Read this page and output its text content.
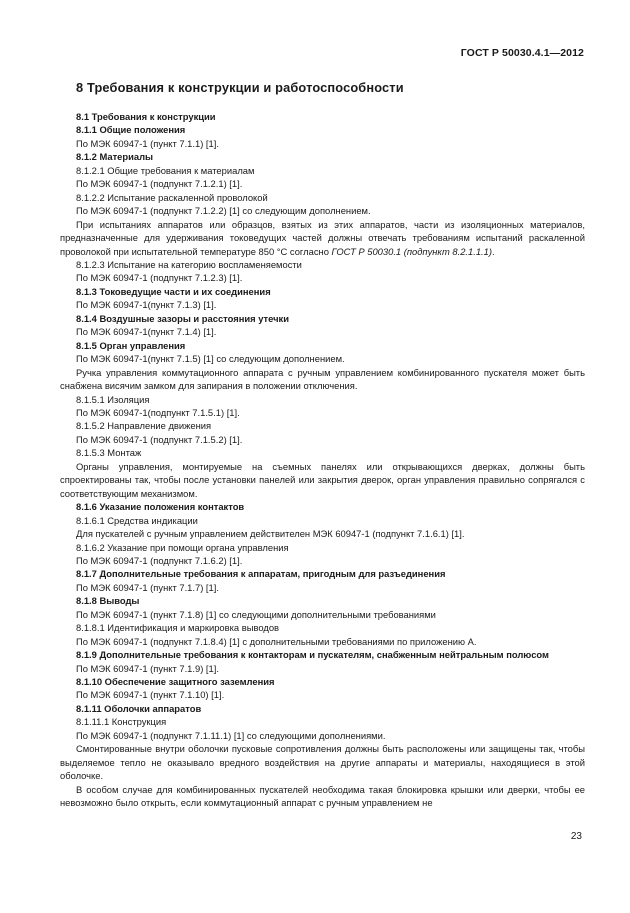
ГОСТ Р 50030.4.1—2012
8 Требования к конструкции и работоспособности

8.1 Требования к конструкции

8.1.1 Общие положения

По МЭК 60947-1 (пункт 7.1.1) [1].

8.1.2 Материалы

8.1.2.1 Общие требования к материалам

По МЭК 60947-1 (подпункт 7.1.2.1) [1].

8.1.2.2 Испытание раскаленной проволокой

По МЭК 60947-1 (подпункт 7.1.2.2) [1] со следующим дополнением.

При испытаниях аппаратов или образцов, взятых из этих аппаратов, части из изоляционных материалов, предназначенные для удерживания токоведущих частей должны отвечать требованиям испытаний раскаленной проволокой при испытательной температуре 850 °С согласно ГОСТ Р 50030.1 (подпункт 8.2.1.1.1).

8.1.2.3 Испытание на категорию воспламеняемости

По МЭК 60947-1 (подпункт 7.1.2.3) [1].

8.1.3 Токоведущие части и их соединения

По МЭК 60947-1(пункт 7.1.3) [1].

8.1.4 Воздушные зазоры и расстояния утечки

По МЭК 60947-1(пункт 7.1.4) [1].

8.1.5 Орган управления

По МЭК 60947-1(пункт 7.1.5) [1] со следующим дополнением.

Ручка управления коммутационного аппарата с ручным управлением комбинированного пускателя может быть снабжена висячим замком для запирания в положении отключения.

8.1.5.1 Изоляция

По МЭК 60947-1(подпункт 7.1.5.1) [1].

8.1.5.2 Направление движения

По МЭК 60947-1 (подпункт 7.1.5.2) [1].

8.1.5.3 Монтаж

Органы управления, монтируемые на съемных панелях или открывающихся дверках, должны быть спроектированы так, чтобы после установки панелей или закрытия дверок, орган управления правильно сопрягался с соответствующим механизмом.

8.1.6 Указание положения контактов

8.1.6.1 Средства индикации

Для пускателей с ручным управлением действителен МЭК 60947-1 (подпункт 7.1.6.1) [1].

8.1.6.2 Указание при помощи органа управления

По МЭК 60947-1 (подпункт 7.1.6.2) [1].

8.1.7 Дополнительные требования к аппаратам, пригодным для разъединения

По МЭК 60947-1 (пункт 7.1.7) [1].

8.1.8 Выводы

По МЭК 60947-1 (пункт 7.1.8) [1] со следующими дополнительными требованиями

8.1.8.1 Идентификация и маркировка выводов

По МЭК 60947-1 (подпункт 7.1.8.4) [1] с дополнительными требованиями по приложению А.

8.1.9 Дополнительные требования к контакторам и пускателям, снабженным нейтральным полюсом

По МЭК 60947-1 (пункт 7.1.9) [1].

8.1.10 Обеспечение защитного заземления

По МЭК 60947-1 (пункт 7.1.10) [1].

8.1.11 Оболочки аппаратов

8.1.11.1 Конструкция

По МЭК 60947-1 (подпункт 7.1.11.1) [1] со следующими дополнениями.

Смонтированные внутри оболочки пусковые сопротивления должны быть расположены или защищены так, чтобы выделяемое тепло не оказывало вредного воздействия на другие аппараты и материалы, находящиеся в этой оболочке.

В особом случае для комбинированных пускателей необходима такая блокировка крышки или дверки, чтобы ее невозможно было открыть, если коммутационный аппарат с ручным управлением не

23
